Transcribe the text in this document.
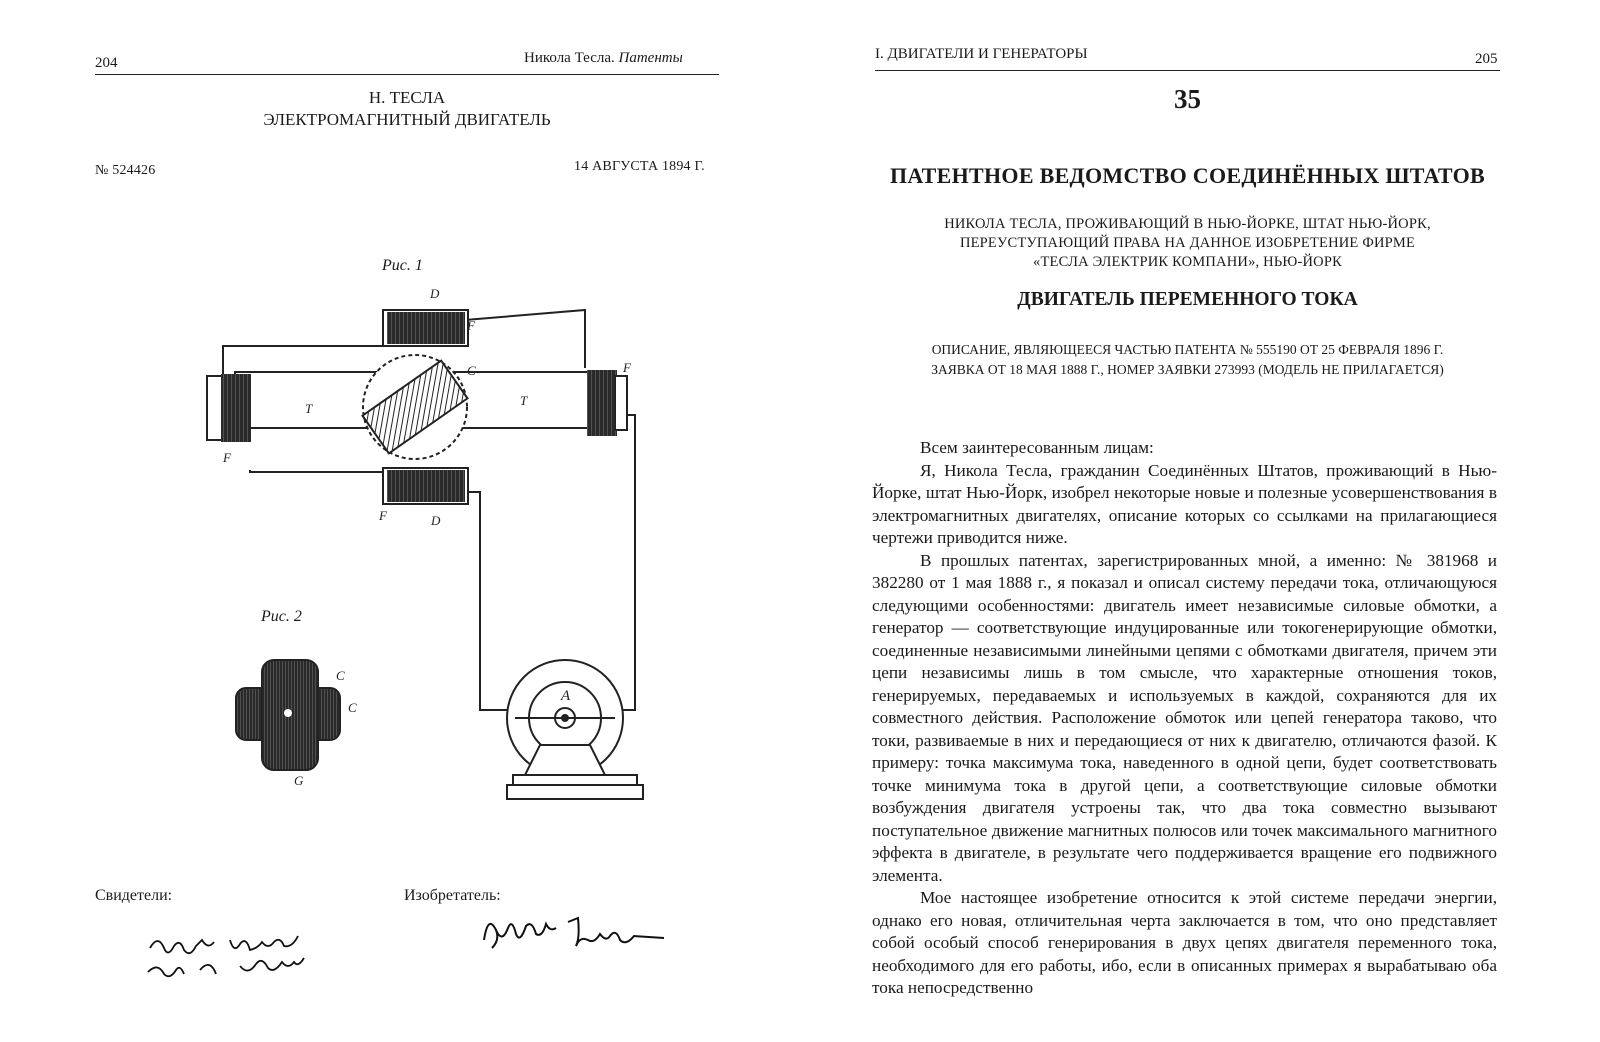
204	Никола Тесла. Патенты
Н. ТЕСЛА
ЭЛЕКТРОМАГНИТНЫЙ ДВИГАТЕЛЬ
№ 524426	14 АВГУСТА 1894 Г.
Рис. 1
Рис. 2
D
F
C	F
T
T
F
F	D
A
C
C
G
Свидетели:	Изобретатель:
I. ДВИГАТЕЛИ И ГЕНЕРАТОРЫ	205
35
ПАТЕНТНОЕ ВЕДОМСТВО СОЕДИНЁННЫХ ШТАТОВ
НИКОЛА ТЕСЛА, ПРОЖИВАЮЩИЙ В НЬЮ-ЙОРКЕ, ШТАТ НЬЮ-ЙОРК,
ПЕРЕУСТУПАЮЩИЙ ПРАВА НА ДАННОЕ ИЗОБРЕТЕНИЕ ФИРМЕ
«ТЕСЛА ЭЛЕКТРИК КОМПАНИ», НЬЮ-ЙОРК
ДВИГАТЕЛЬ ПЕРЕМЕННОГО ТОКА
ОПИСАНИЕ, ЯВЛЯЮЩЕЕСЯ ЧАСТЬЮ ПАТЕНТА № 555190 ОТ 25 ФЕВРАЛЯ 1896 Г.
ЗАЯВКА ОТ 18 МАЯ 1888 Г., НОМЕР ЗАЯВКИ 273993 (МОДЕЛЬ НЕ ПРИЛАГАЕТСЯ)

Всем заинтересованным лицам:

Я, Никола Тесла, гражданин Соединённых Штатов, проживающий в Нью-Йорке, штат Нью-Йорк, изобрел некоторые новые и полезные усовершенствования в электромагнитных двигателях, описание которых со ссылками на прилагающиеся чертежи приводится ниже.

В прошлых патентах, зарегистрированных мной, а именно: № 381968 и 382280 от 1 мая 1888 г., я показал и описал систему передачи тока, отличающуюся следующими особенностями: двигатель имеет независимые силовые обмотки, а генератор — соответствующие индуцированные или токогенерирующие обмотки, соединенные независимыми линейными цепями с обмотками двигателя, причем эти цепи независимы лишь в том смысле, что характерные отношения токов, генерируемых, передаваемых и используемых в каждой, сохраняются для их совместного действия. Расположение обмоток или цепей генератора таково, что токи, развиваемые в них и передающиеся от них к двигателю, отличаются фазой. К примеру: точка максимума тока, наведенного в одной цепи, будет соответствовать точке минимума тока в другой цепи, а соответствующие силовые обмотки возбуждения двигателя устроены так, что два тока совместно вызывают поступательное движение магнитных полюсов или точек максимального магнитного эффекта в двигателе, в результате чего поддерживается вращение его подвижного элемента.

Мое настоящее изобретение относится к этой системе передачи энергии, однако его новая, отличительная черта заключается в том, что оно представляет собой особый способ генерирования в двух цепях двигателя переменного тока, необходимого для его работы, ибо, если в описанных примерах я вырабатываю оба тока непосредственно
